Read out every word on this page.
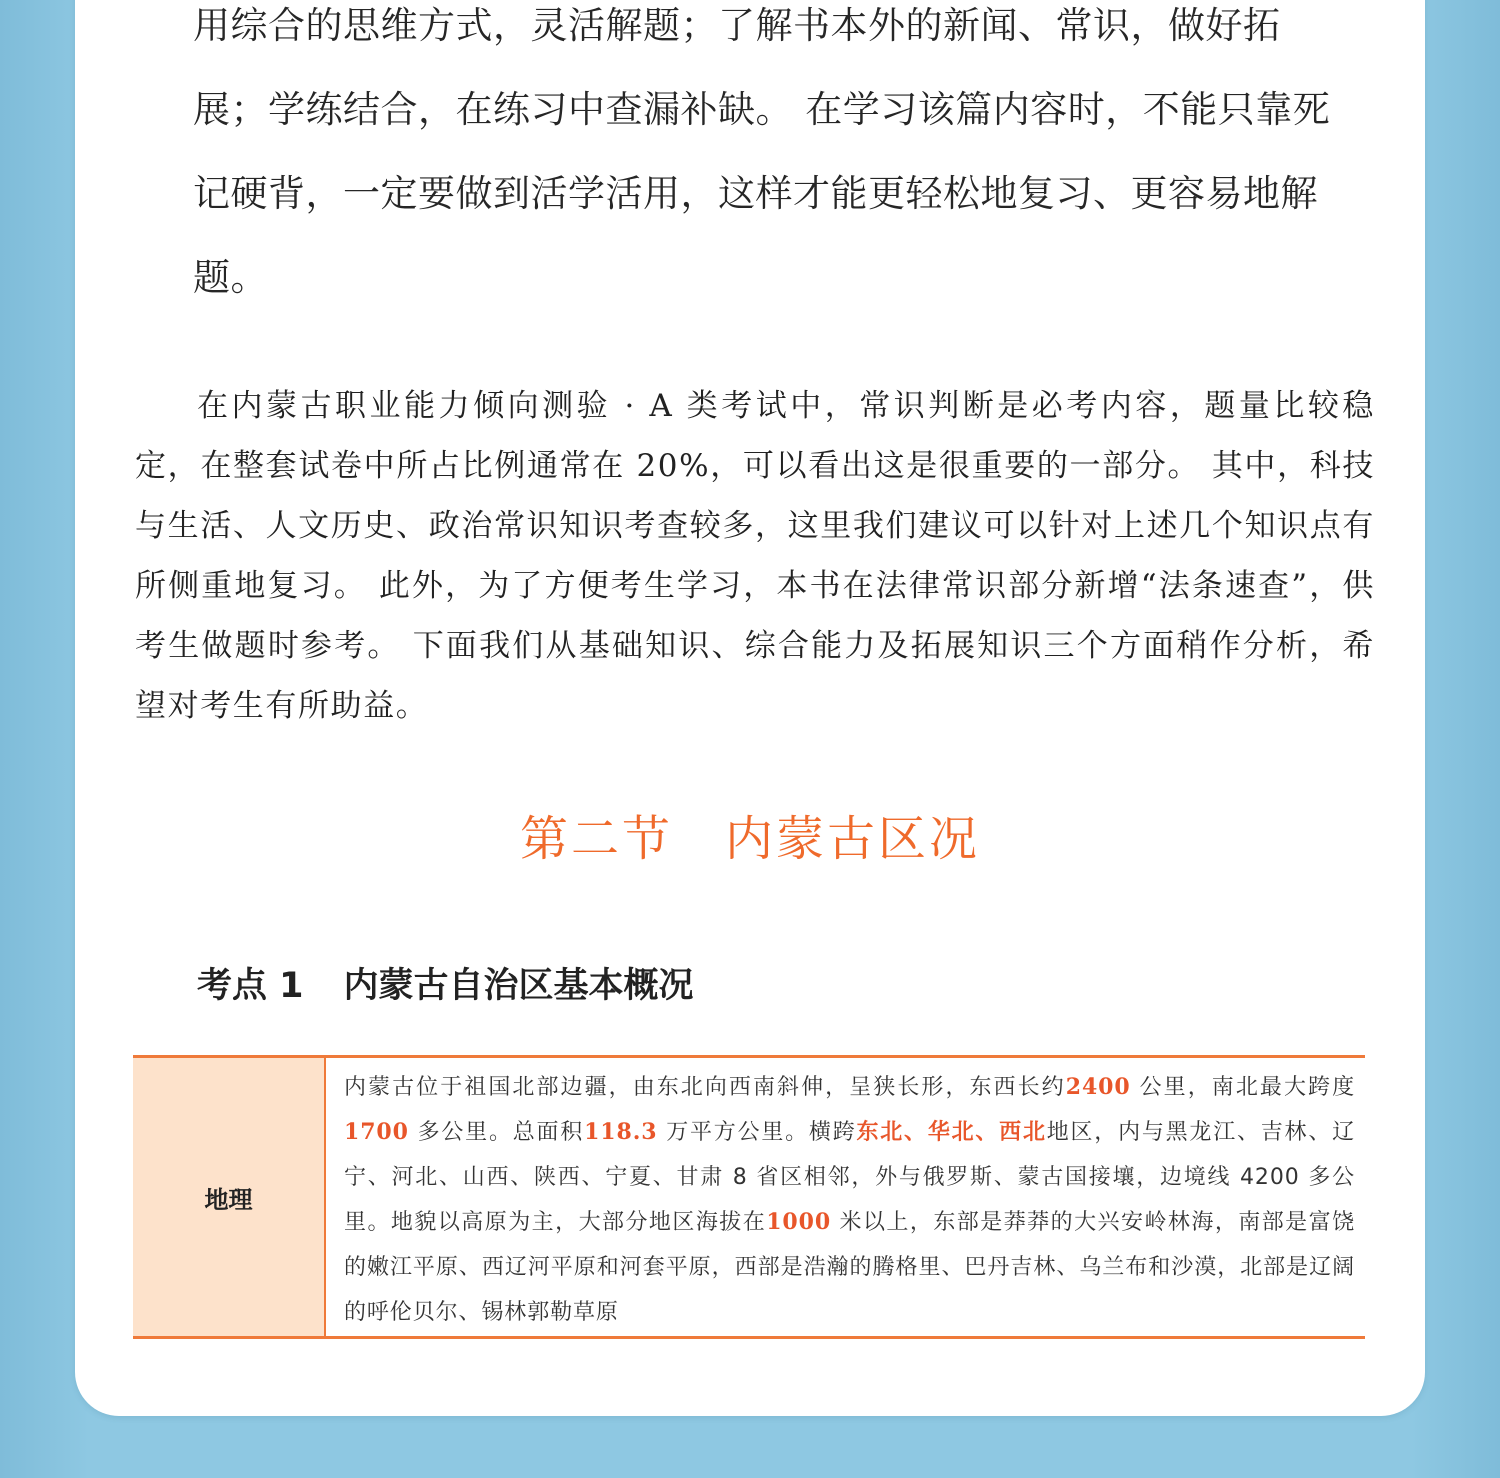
用综合的思维方式，灵活解题；了解书本外的新闻、常识，做好拓展；学练结合，在练习中查漏补缺。 在学习该篇内容时，不能只靠死记硬背，一定要做到活学活用，这样才能更轻松地复习、更容易地解题。

在内蒙古职业能力倾向测验 · A 类考试中，常识判断是必考内容，题量比较稳定，在整套试卷中所占比例通常在 20%，可以看出这是很重要的一部分。 其中，科技与生活、人文历史、政治常识知识考查较多，这里我们建议可以针对上述几个知识点有所侧重地复习。 此外，为了方便考生学习，本书在法律常识部分新增“法条速查”，供考生做题时参考。 下面我们从基础知识、综合能力及拓展知识三个方面稍作分析，希望对考生有所助益。

第二节 内蒙古区况
考点 1 内蒙古自治区基本概况
地理
内蒙古位于祖国北部边疆，由东北向西南斜伸，呈狭长形，东西长约2400 公里，南北最大跨度1700 多公里。总面积118.3 万平方公里。横跨东北、华北、西北地区，内与黑龙江、吉林、辽宁、河北、山西、陕西、宁夏、甘肃 8 省区相邻，外与俄罗斯、蒙古国接壤，边境线 4200 多公里。地貌以高原为主，大部分地区海拔在1000 米以上，东部是莽莽的大兴安岭林海，南部是富饶的嫩江平原、西辽河平原和河套平原，西部是浩瀚的腾格里、巴丹吉林、乌兰布和沙漠，北部是辽阔的呼伦贝尔、锡林郭勒草原
